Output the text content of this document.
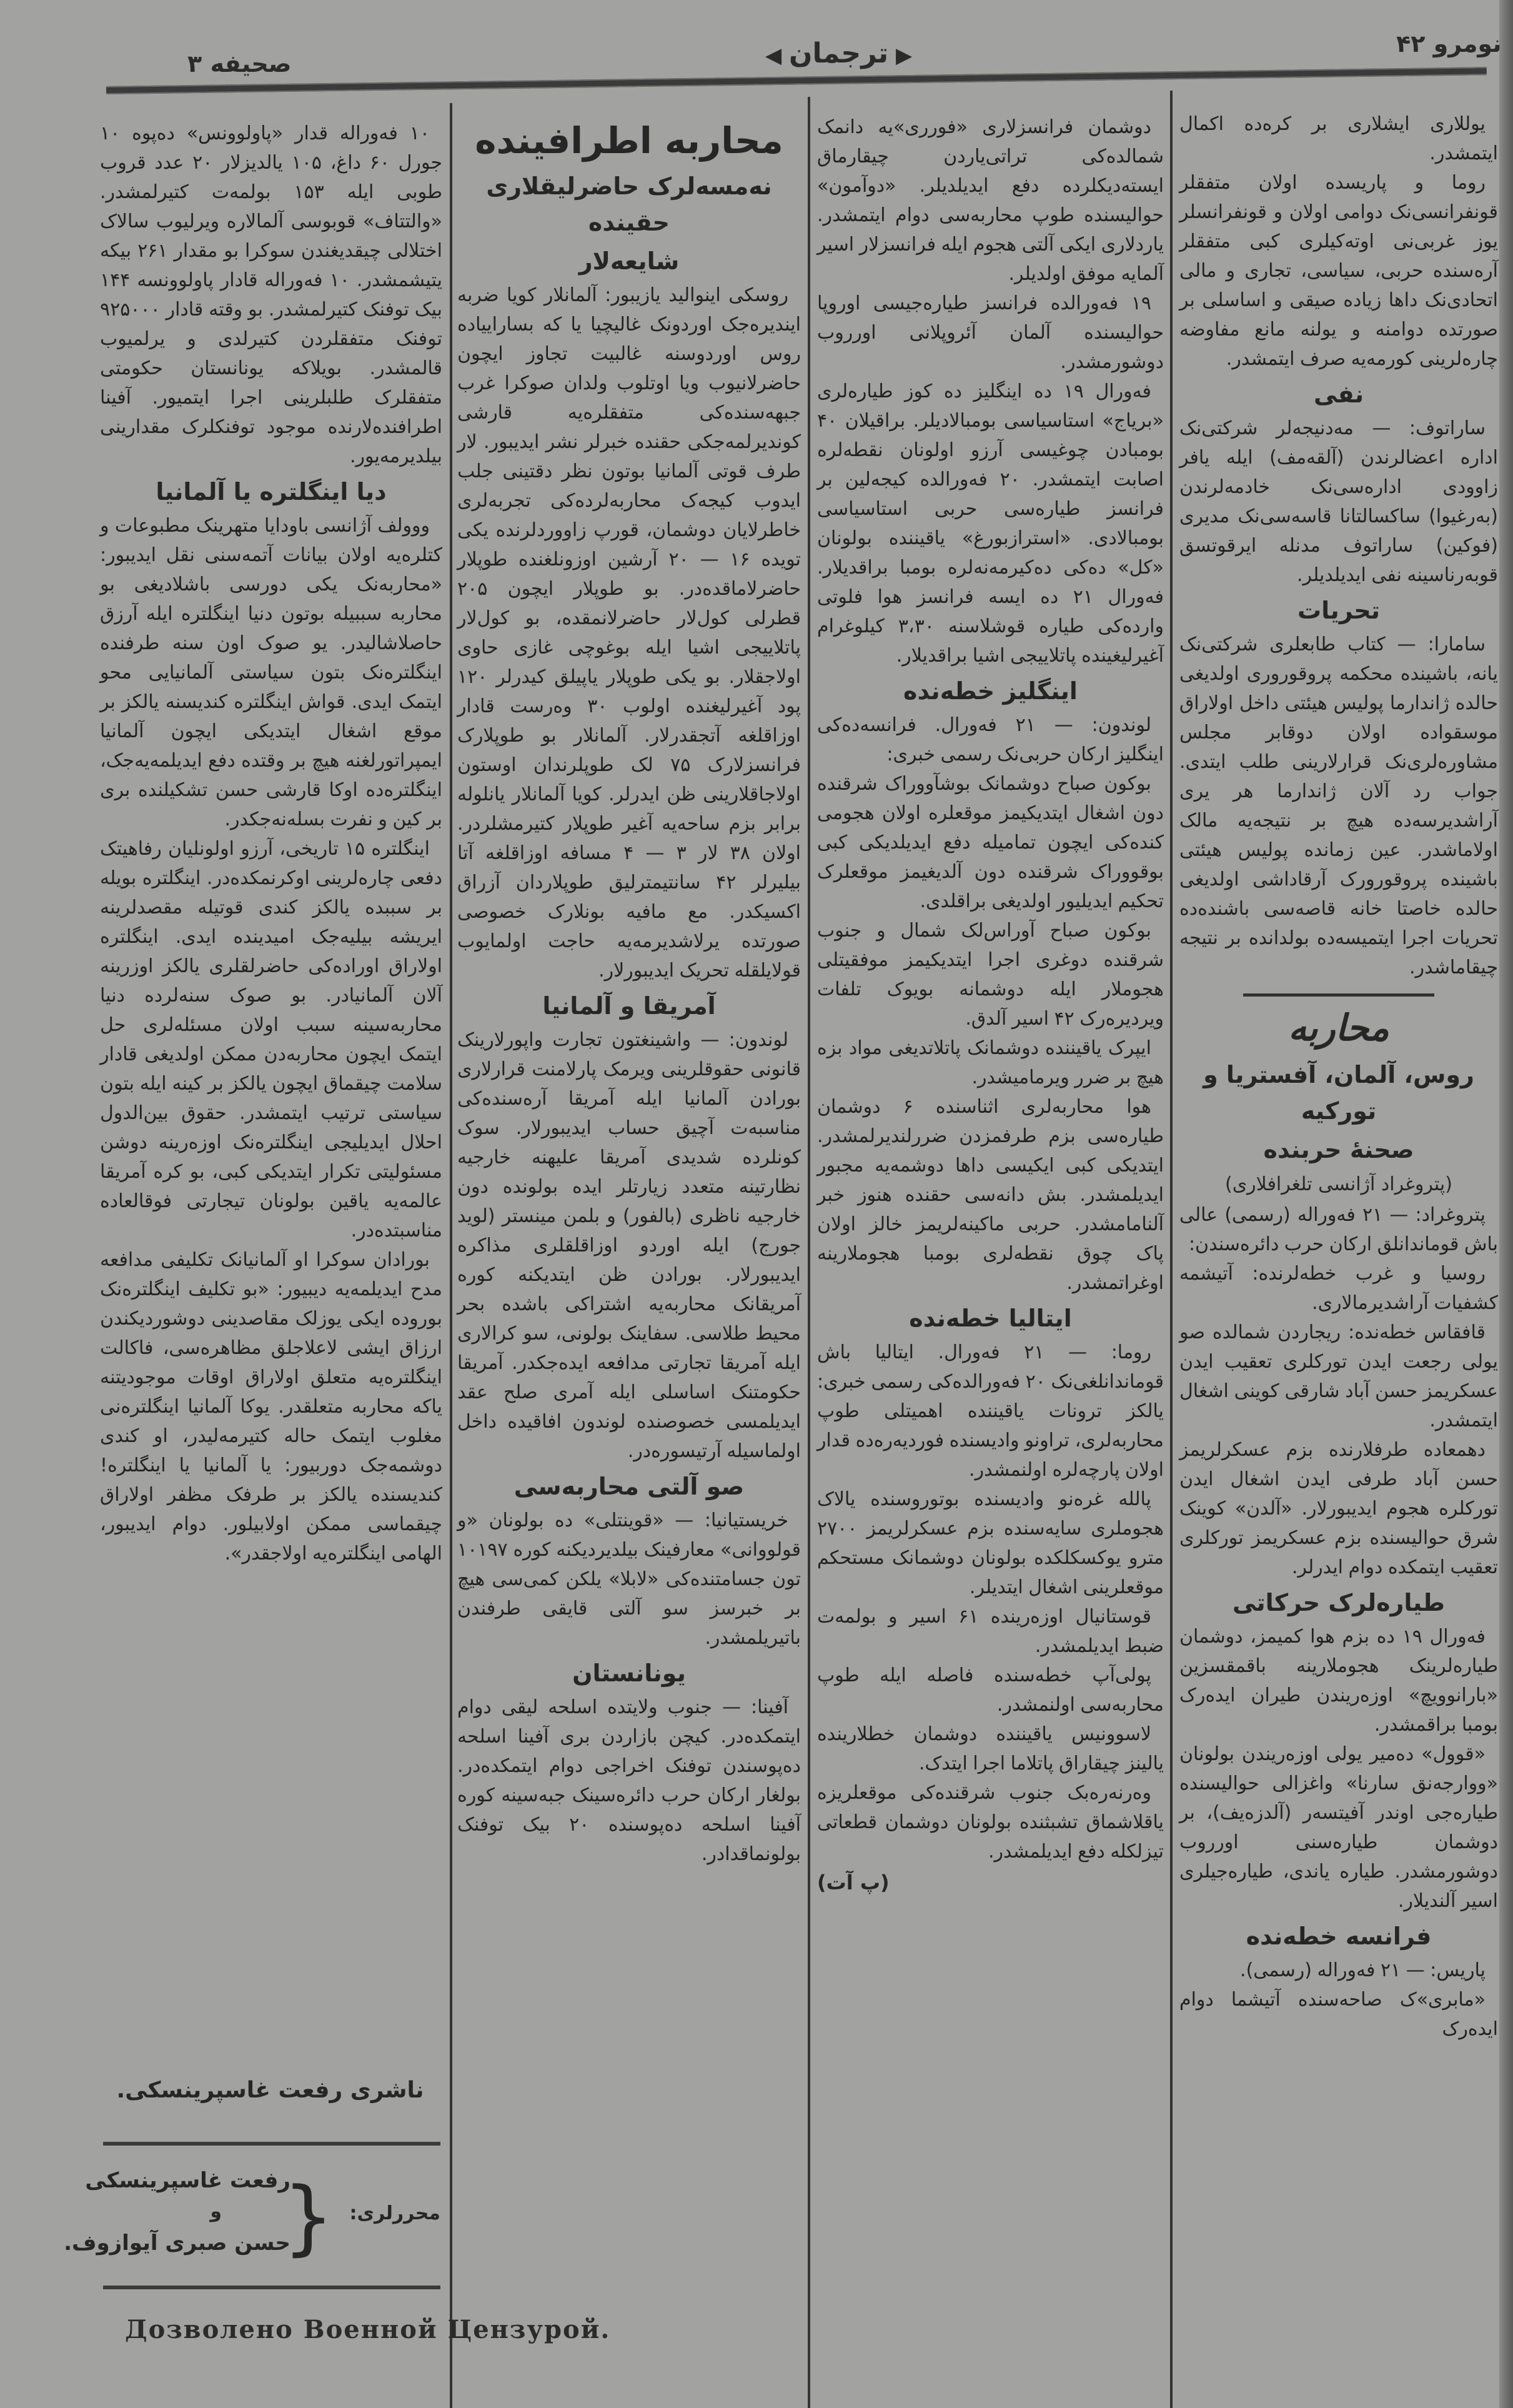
۳ صحیفه	◀ ترجمان ▶	نومرو ۴۲

یوللاری ایشلاری بر کره‌ده اکمال ایتمشدر.

روما و پاریسده اولان متفقلر قونفرانسی‌نک دوامی اولان و قونفرانسلر یوز غربی‌نی اوته‌کیلری کبی متفقلر آره‌سنده حربی، سیاسی، تجاری و مالی اتحادی‌نک داها زیاده صیقی و اساسلی بر صورتده دوامنه و یولنه مانع مفاوضه چاره‌لرینی کورمه‌یه صرف ایتمشدر.

نفی

ساراتوف: — مه‌دنیجه‌لر شرکتی‌نک اداره اعضالرندن (آلقه‌مف) ایله یافر زاوودی اداره‌سی‌نک خادمه‌لرندن (به‌رغیوا) ساکسالتانا قاسه‌سی‌نک مدیری (فوکین) ساراتوف مدنله ایرقوتسق قوبه‌رناسینه نفی ایدیلدیلر.

تحریات

سامارا: — کتاب طابعلری شرکتی‌نک یانه، باشینده محکمه پروقوروری اولدیغی حالده ژاندارما پولیس هیئتی داخل اولاراق موسقواده اولان دوقابر مجلس مشاوره‌لری‌نک قرارلارینی طلب ایتدی. جواب رد آلان ژاندارما هر یری آراشدیرسه‌ده هیچ بر نتیجه‌یه مالک اولاماشدر. عین زمانده پولیس هیئتی باشینده پروقورورک آرقاداشی اولدیغی حالده خاصتا خانه قاصه‌سی باشنده‌ده تحریات اجرا ایتمیسه‌ده بولدانده بر نتیجه چیقاماشدر.

محاربه
روس، آلمان، آفستریا و تورکیه
صحنهٔ حربنده
(پتروغراد آژانسی تلغرافلاری)

پتروغراد: — ۲۱ فه‌وراله (رسمی) عالی باش قوماندانلق ارکان حرب دائره‌سندن:

روسیا و غرب خطه‌لرنده: آتیشمه کشفیات آراشدیرمالاری.

قافقاس خطه‌نده: ریجاردن شمالده صو یولی رجعت ایدن تورکلری تعقیب ایدن عسکریمز حسن آباد شارقی کوینی اشغال ایتمشدر.

دهمعاده طرفلارنده بزم عسکرلریمز حسن آباد طرفی ایدن اشغال ایدن تورکلره هجوم ایدیبورلار. «آلدن» کوینک شرق حوالیسنده بزم عسکریمز تورکلری تعقیب ایتمکده دوام ایدرلر.

طیاره‌لرک حرکاتی

فه‌ورال ۱۹ ده بزم هوا کمیمز، دوشمان طیاره‌لرینک هجوملارینه باقمقسزین «بارانوویچ» اوزه‌ریندن طیران ایده‌رک بومبا براقمشدر.

«قوول» ده‌میر یولی اوزه‌ریندن بولونان «ووارجه‌نق سارنا» واغزالی حوالیسنده طیاره‌جی اوندر آفیتسه‌ر (آلدزه‌یف)، بر دوشمان طیاره‌سنی اورروب دوشورمشدر. طیاره یاندی، طیاره‌جیلری اسیر آلندیلار.

فرانسه خطه‌نده

پاریس: — ۲۱ فه‌وراله (رسمی).

«مابری»ک صاحه‌سنده آتیشما دوام ایده‌رک

دوشمان فرانسزلاری «فورری»یه دانمک شمالده‌کی تراتی‌یاردن چیقارماق ایسته‌دیکلرده دفع ایدیلدیلر. «دوآمون» حوالیسنده طوپ محاربه‌سی دوام ایتمشدر. یاردلاری ایکی آلتی هجوم ایله فرانسزلار اسیر آلمایه موفق اولدیلر.

۱۹ فه‌ورالده فرانسز طیاره‌جیسی اوروپا حوالیسنده آلمان آئروپلانی اورروب دوشورمشدر.

فه‌ورال ۱۹ ده اینگلیز ده کوز طیاره‌لری «بریاج» استاسیاسی بومبالادیلر. براقیلان ۴۰ بومبادن چوغیسی آرزو اولونان نقطه‌لره اصابت ایتمشدر. ۲۰ فه‌ورالده کیجه‌لین بر فرانسز طیاره‌سی حربی استاسیاسی بومبالادی. «استرازبورغ» یاقیننده بولونان «کل» ده‌کی ده‌کیرمه‌نه‌لره بومبا براقدیلار. فه‌ورال ۲۱ ده ایسه فرانسز هوا فلوتی وارده‌کی طیاره قوشلاسنه ۳،۳۰ کیلوغرام آغیرلیغینده پاتلاییجی اشیا براقدیلار.

اینگلیز خطه‌نده

لوندون: — ۲۱ فه‌ورال. فرانسه‌ده‌کی اینگلیز ارکان حربی‌نک رسمی خبری:

بوکون صباح دوشمانک بوشآووراک شرقنده دون اشغال ایتدیکیمز موقعلره اولان هجومی کنده‌کی ایچون تمامیله دفع ایدیلدیکی کبی بوقووراک شرقنده دون آلدیغیمز موقعلرک تحکیم ایدیلیور اولدیغی براقلدی.

بوکون صباح آوراس‌لک شمال و جنوب شرقنده دوغری اجرا ایتدیکیمز موفقیتلی هجوملار ایله دوشمانه بویوک تلفات ویردیره‌رک ۴۲ اسیر آلدق.

ایپرک یاقیننده دوشمانک پاتلاتدیغی مواد بزه هیچ بر ضرر ویرمامیشدر.

هوا محاربه‌لری اثناسنده ۶ دوشمان طیاره‌سی بزم طرفمزدن ضررلندیرلمشدر. ایتدیکی کبی ایکیسی داها دوشمه‌یه مجبور ایدیلمشدر. بش دانه‌سی حقنده هنوز خبر آلنامامشدر. حربی ماکینه‌لریمز خالز اولان پاک چوق نقطه‌لری بومبا هجوملارینه اوغراتمشدر.

ایتالیا خطه‌نده

روما: — ۲۱ فه‌ورال. ایتالیا باش قوماندانلغی‌نک ۲۰ فه‌ورالده‌کی رسمی خبری: یالکز ترونات یاقیننده اهمیتلی طوپ محاربه‌لری، تراونو وادیسنده فوردیه‌ره‌ده قدار اولان پارچه‌لره اولنمشدر.

پالله غره‌نو وادیسنده بوتوروسنده یالاک هجوملری سایه‌سنده بزم عسکرلریمز ۲۷۰۰ مترو یوکسکلکده بولونان دوشمانک مستحکم موقعلرینی اشغال ایتدیلر.

قوستانیال اوزه‌رینده ۶۱ اسیر و بولمه‌ت ضبط ایدیلمشدر.

پولی‌آپ خطه‌سنده فاصله ایله طوپ محاربه‌سی اولنمشدر.

لاسوونیس یاقیننده دوشمان خطلارینده یالینز چیقاراق پاتلاما اجرا ایتدک.

وه‌رنه‌ره‌بک جنوب شرقنده‌کی موقعلریزه یاقلاشماق تشبثنده بولونان دوشمان قطعاتی تیزلکله دفع ایدیلمشدر.

(پ آت)
محاربه اطرافینده
نه‌مسه‌لرک حاضرلیقلاری حقینده
شایعه‌لار

روسکی اینوالید یازیبور: آلمانلار کویا ضربه ایندیره‌جک اوردونک غالیچیا یا که بساراییاده روس اوردوسنه غالبیت تجاوز ایچون حاضرلانیوب ویا اوتلوب ولدان صوکرا غرب جبهه‌سنده‌کی متفقلره‌یه قارشی کوندیرلمه‌جکی حقنده خبرلر نشر ایدیبور. لار طرف قوتی آلمانیا بوتون نظر دقتینی جلب ایدوب کیجه‌ک محاربه‌لرده‌کی تجربه‌لری خاطرلایان دوشمان، قورپ زاووردلرنده یکی تویده ۱۶ — ۲۰ آرشین اوزونلغنده طوپلار حاضرلاماقده‌در. بو طوپلار ایچون ۲۰۵ قطرلی کول‌لار حاضرلانمقده، بو کول‌لار پاتلاییجی اشیا ایله بوغوچی غازی حاوی اولاجقلار. بو یکی طوپلار یاپیلق کیدرلر ۱۲۰ پود آغیرلیغنده اولوب ۳۰ وه‌رست قادار اوزاقلغه آتجقدرلار. آلمانلار بو طوپلارک فرانسزلارک ۷۵ لک طوپلرندان اوستون اولاجاقلارینی ظن ایدرلر. کویا آلمانلار یانلوله برابر بزم ساحه‌یه آغیر طوپلار کتیرمشلردر. اولان ۳۸ لار ۳ — ۴ مسافه اوزاقلغه آتا بیلیرلر ۴۲ سانتیمترلیق طوپلاردان آزراق اکسیکدر. مع مافیه بونلارک خصوصی صورتده یرلاشدیرمه‌یه حاجت اولمایوب قولایلقله تحریک ایدیبورلار.

آمریقا و آلمانیا

لوندون: — واشینغتون تجارت واپورلارینک قانونی حقوقلرینی ویرمک پارلامنت قرارلاری بورادن آلمانیا ایله آمریقا آره‌سنده‌کی مناسبه‌ت آچیق حساب ایدیبورلار. سوک کونلرده شدیدی آمریقا علیهنه خارجیه نظارتینه متعدد زیارتلر ایده بولونده دون خارجیه ناظری (بالفور) و بلمن مینستر (لوید جورج) ایله اوردو اوزاقلقلری مذاکره ایدیبورلار. بورادن ظن ایتدیکنه کوره آمریقانک محاربه‌یه اشتراکی باشده بحر محیط طلاسی. سفاینک بولونی، سو کرالاری ایله آمریقا تجارتی مدافعه ایده‌جکدر. آمریقا حکومتنک اساسلی ایله آمری صلح عقد ایدیلمسی خصوصنده لوندون افاقیده داخل اولماسیله آرتیسوره‌در.

صو آلتی محاربه‌سی

خریستیانیا: — «قوینتلی» ده بولونان «و قولووانی» معارفینک بیلدیردیکنه کوره ۱۰۱۹۷ تون جسامتنده‌کی «لابلا» یلکن کمی‌سی هیچ بر خبرسز سو آلتی قایقی طرفندن باتیریلمشدر.

یونانستان

آفینا: — جنوب ولایتده اسلحه لیقی دوام ایتمکده‌در. کیچن بازاردن بری آفینا اسلحه ده‌پوسندن توفنک اخراجی دوام ایتمکده‌در. بولغار ارکان حرب دائره‌سینک جبه‌سینه کوره آفینا اسلحه ده‌پوسنده ۲۰ بیک توفنک بولونماقدادر.

۱۰ فه‌وراله قدار «پاولوونس» ده‌پوه ۱۰ جورل ۶۰ داغ، ۱۰۵ یالدیزلار ۲۰ عدد قروب طوبی ایله ۱۵۳ بولمه‌ت کتیرلمشدر. «والتتاف» قوبوسی آلمالاره ویرلیوب سالاک اختلالی چیقدیغندن سوکرا بو مقدار ۲۶۱ بیکه یتیشمشدر. ۱۰ فه‌وراله قادار پاولوونسه ۱۴۴ بیک توفنک کتیرلمشدر. بو وقته قادار ۹۲۵۰۰۰ توفنک متفقلردن کتیرلدی و یرلمیوب قالمشدر. بویلاکه یونانستان حکومتی متفقلرک طلبلرینی اجرا ایتمیور. آفینا اطرافنده‌لارنده موجود توفنکلرک مقدارینی بیلدیرمه‌یور.

دیا اینگلتره یا آلمانیا

ووولف آژانسی باودایا متهرینک مطبوعات و کتلره‌یه اولان بیانات آتمه‌سنی نقل ایدیبور: «محاربه‌نک یکی دورسی باشلادیغی بو محاربه سببیله بوتون دنیا اینگلتره ایله آرزق حاصلاشالیدر. یو صوک اون سنه طرفنده اینگلتره‌نک بتون سیاستی آلمانیایی محو ایتمک ایدی. قواش اینگلتره کندیسنه یالکز بر موقع اشغال ایتدیکی ایچون آلمانیا ایمپراتورلغنه هیچ بر وقتده دفع ایدیلمه‌یه‌جک، اینگلتره‌ده اوکا قارشی حسن تشکیلنده بری بر کین و نفرت بسله‌نه‌جکدر.

اینگلتره ۱۵ تاریخی، آرزو اولونلیان رفاهیتک دفعی چاره‌لرینی اوکرنمکده‌در. اینگلتره بویله بر سببده یالکز کندی قوتیله مقصدلرینه ایریشه بیلیه‌جک امیدینده ایدی. اینگلتره اولاراق اوراده‌کی حاضرلقلری یالکز اوزرینه آلان آلمانیادر. بو صوک سنه‌لرده دنیا محاربه‌سینه سبب اولان مسئله‌لری حل ایتمک ایچون محاربه‌دن ممکن اولدیغی قادار سلامت چیقماق ایچون یالکز بر کینه ایله بتون سیاستی ترتیب ایتمشدر. حقوق بین‌الدول احلال ایدیلیجی اینگلتره‌نک اوزه‌رینه دوشن مسئولیتی تکرار ایتدیکی کبی، بو کره آمریقا عالمه‌یه یاقین بولونان تیجارتی فوقالعاده مناسبتده‌در.

بورادان سوکرا او آلمانیانک تکلیفی مدافعه مدح ایدیلمه‌یه دیبیور: «بو تکلیف اینگلتره‌نک بوروده ایکی یوزلک مقاصدینی دوشوردیکندن ارزاق ایشی لاعلاجلق مظاهره‌سی، فاکالت اینگلتره‌یه متعلق اولاراق اوقات موجودیتنه یاکه محاربه متعلقدر. یوکا آلمانیا اینگلتره‌نی مغلوب ایتمک حاله کتیرمه‌لیدر، او کندی دوشمه‌جک دوربیور: یا آلمانیا یا اینگلتره! کندیسنده یالکز بر طرفک مظفر اولاراق چیقماسی ممکن اولابیلور. دوام ایدیبور، الهامی اینگلتره‌یه اولاجقدر».

ناشری رفعت غاسپرینسکی.
محررلری:
{
رفعت غاسپرینسکی
و
حسن صبری آیوازوف.
Дозволено Военной Цензурой.
